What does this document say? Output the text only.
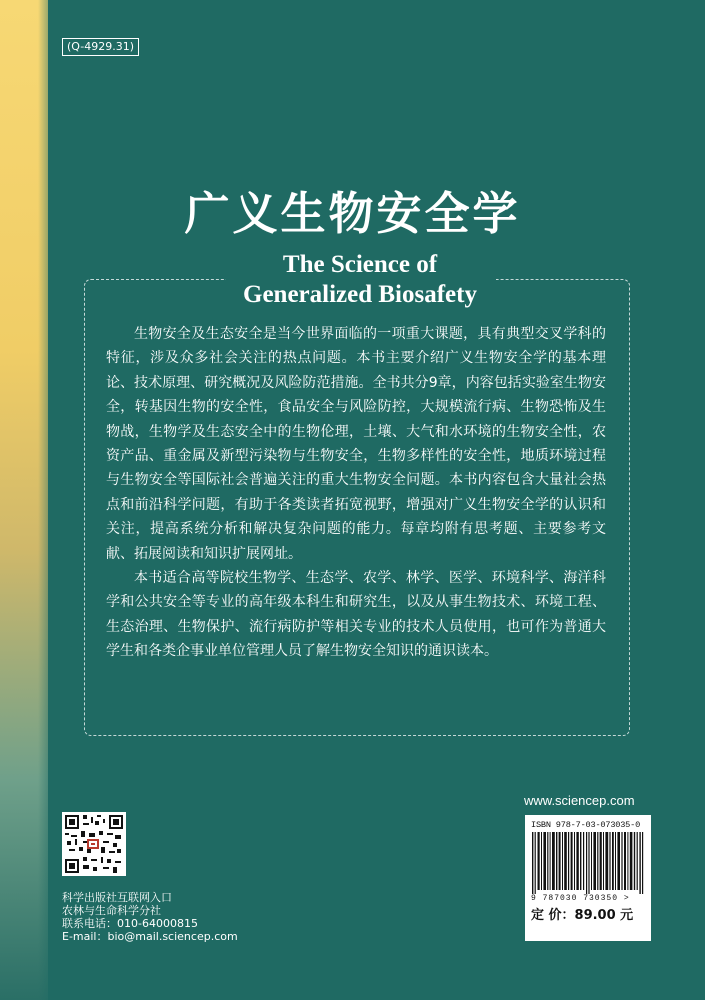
(Q-4929.31)
广义生物安全学
The Science of
Generalized Biosafety

生物安全及生态安全是当今世界面临的一项重大课题，具有典型交叉学科的特征，涉及众多社会关注的热点问题。本书主要介绍广义生物安全学的基本理论、技术原理、研究概况及风险防范措施。全书共分9章，内容包括实验室生物安全，转基因生物的安全性，食品安全与风险防控，大规模流行病、生物恐怖及生物战，生物学及生态安全中的生物伦理，土壤、大气和水环境的生物安全性，农资产品、重金属及新型污染物与生物安全，生物多样性的安全性，地质环境过程与生物安全等国际社会普遍关注的重大生物安全问题。本书内容包含大量社会热点和前沿科学问题，有助于各类读者拓宽视野，增强对广义生物安全学的认识和关注，提高系统分析和解决复杂问题的能力。每章均附有思考题、主要参考文献、拓展阅读和知识扩展网址。

本书适合高等院校生物学、生态学、农学、林学、医学、环境科学、海洋科学和公共安全等专业的高年级本科生和研究生，以及从事生物技术、环境工程、生态治理、生物保护、流行病防护等相关专业的技术人员使用，也可作为普通大学生和各类企事业单位管理人员了解生物安全知识的通识读本。

www.sciencep.com
ISBN 978-7-03-073035-0
9 787030 730350 >
定 价：89.00 元
科学出版社互联网入口
农林与生命科学分社
联系电话：010-64000815
E-mail：bio@mail.sciencep.com
